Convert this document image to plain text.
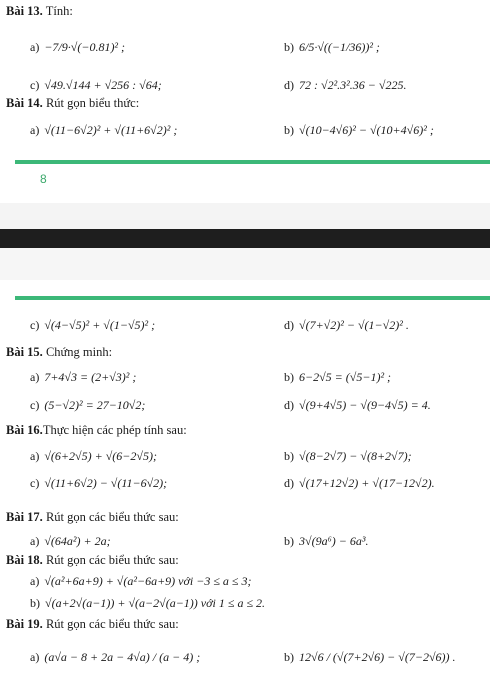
Bài 13. Tính:
a) −7/9·√(−0.81)² ;	b) 6/5·√((−1/36))² ;
c) √49.√144 + √256 : √64;	d) 72 : √2².3².36 − √225.
Bài 14. Rút gọn biểu thức:
a) √(11−6√2)² + √(11+6√2)² ;	b) √(10−4√6)² − √(10+4√6)² ;
8
c) √(4−√5)² + √(1−√5)² ;	d) √(7+√2)² − √(1−√2)² .
Bài 15. Chứng minh:
a) 7+4√3 = (2+√3)² ;	b) 6−2√5 = (√5−1)² ;
c) (5−√2)² = 27−10√2;	d) √(9+4√5) − √(9−4√5) = 4.
Bài 16.Thực hiện các phép tính sau:
a) √(6+2√5) + √(6−2√5);	b) √(8−2√7) − √(8+2√7);
c) √(11+6√2) − √(11−6√2);	d) √(17+12√2) + √(17−12√2).
Bài 17. Rút gọn các biểu thức sau:
a) √(64a²) + 2a;	b) 3√(9a⁶) − 6a³.
Bài 18. Rút gọn các biểu thức sau:
a) √(a²+6a+9) + √(a²−6a+9) với −3 ≤ a ≤ 3;
b) √(a+2√(a−1)) + √(a−2√(a−1)) với 1 ≤ a ≤ 2.
Bài 19. Rút gọn các biểu thức sau:
a) (a√a − 8 + 2a − 4√a) / (a − 4) ;	b) 12√6 / (√(7+2√6) − √(7−2√6)) .
